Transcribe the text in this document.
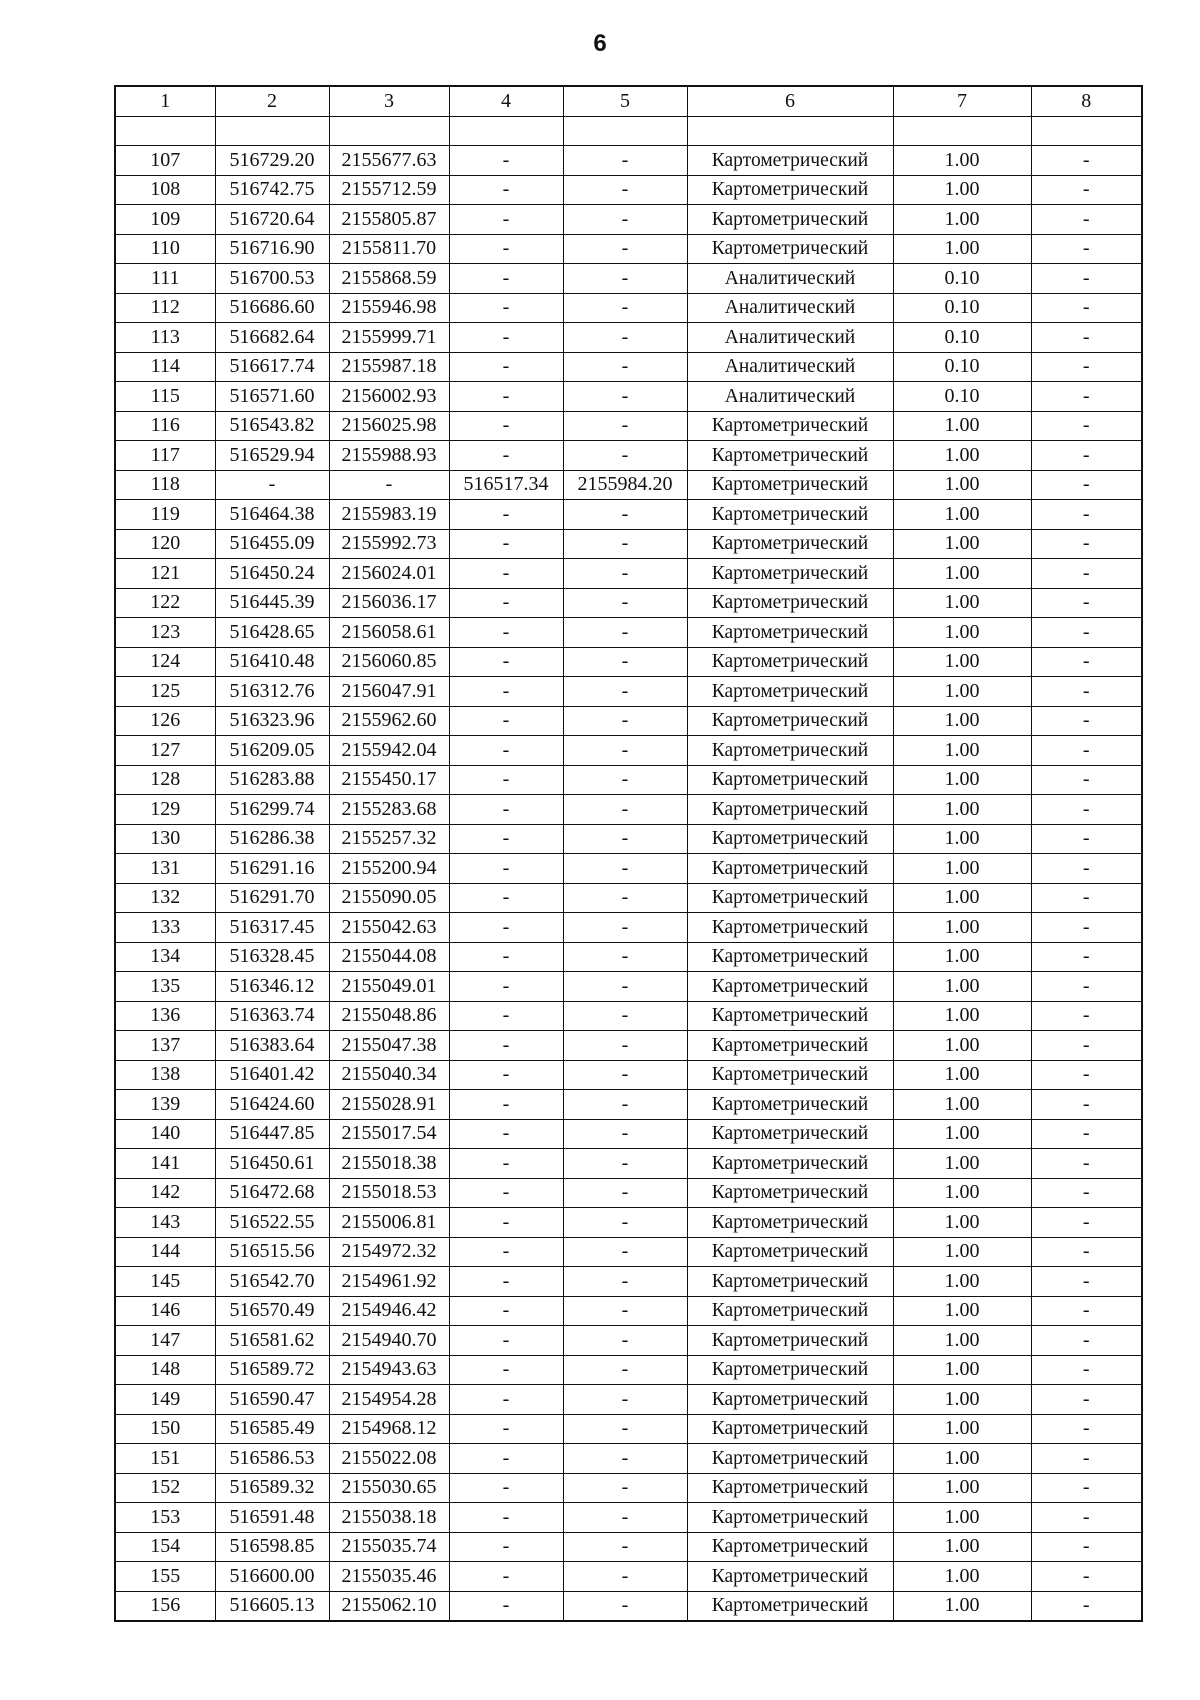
6
1	2	3	4	5	6	7	8

107	516729.20	2155677.63	-	-	Картометрический	1.00	-
108	516742.75	2155712.59	-	-	Картометрический	1.00	-
109	516720.64	2155805.87	-	-	Картометрический	1.00	-
110	516716.90	2155811.70	-	-	Картометрический	1.00	-
111	516700.53	2155868.59	-	-	Аналитический	0.10	-
112	516686.60	2155946.98	-	-	Аналитический	0.10	-
113	516682.64	2155999.71	-	-	Аналитический	0.10	-
114	516617.74	2155987.18	-	-	Аналитический	0.10	-
115	516571.60	2156002.93	-	-	Аналитический	0.10	-
116	516543.82	2156025.98	-	-	Картометрический	1.00	-
117	516529.94	2155988.93	-	-	Картометрический	1.00	-
118	-	-	516517.34	2155984.20	Картометрический	1.00	-
119	516464.38	2155983.19	-	-	Картометрический	1.00	-
120	516455.09	2155992.73	-	-	Картометрический	1.00	-
121	516450.24	2156024.01	-	-	Картометрический	1.00	-
122	516445.39	2156036.17	-	-	Картометрический	1.00	-
123	516428.65	2156058.61	-	-	Картометрический	1.00	-
124	516410.48	2156060.85	-	-	Картометрический	1.00	-
125	516312.76	2156047.91	-	-	Картометрический	1.00	-
126	516323.96	2155962.60	-	-	Картометрический	1.00	-
127	516209.05	2155942.04	-	-	Картометрический	1.00	-
128	516283.88	2155450.17	-	-	Картометрический	1.00	-
129	516299.74	2155283.68	-	-	Картометрический	1.00	-
130	516286.38	2155257.32	-	-	Картометрический	1.00	-
131	516291.16	2155200.94	-	-	Картометрический	1.00	-
132	516291.70	2155090.05	-	-	Картометрический	1.00	-
133	516317.45	2155042.63	-	-	Картометрический	1.00	-
134	516328.45	2155044.08	-	-	Картометрический	1.00	-
135	516346.12	2155049.01	-	-	Картометрический	1.00	-
136	516363.74	2155048.86	-	-	Картометрический	1.00	-
137	516383.64	2155047.38	-	-	Картометрический	1.00	-
138	516401.42	2155040.34	-	-	Картометрический	1.00	-
139	516424.60	2155028.91	-	-	Картометрический	1.00	-
140	516447.85	2155017.54	-	-	Картометрический	1.00	-
141	516450.61	2155018.38	-	-	Картометрический	1.00	-
142	516472.68	2155018.53	-	-	Картометрический	1.00	-
143	516522.55	2155006.81	-	-	Картометрический	1.00	-
144	516515.56	2154972.32	-	-	Картометрический	1.00	-
145	516542.70	2154961.92	-	-	Картометрический	1.00	-
146	516570.49	2154946.42	-	-	Картометрический	1.00	-
147	516581.62	2154940.70	-	-	Картометрический	1.00	-
148	516589.72	2154943.63	-	-	Картометрический	1.00	-
149	516590.47	2154954.28	-	-	Картометрический	1.00	-
150	516585.49	2154968.12	-	-	Картометрический	1.00	-
151	516586.53	2155022.08	-	-	Картометрический	1.00	-
152	516589.32	2155030.65	-	-	Картометрический	1.00	-
153	516591.48	2155038.18	-	-	Картометрический	1.00	-
154	516598.85	2155035.74	-	-	Картометрический	1.00	-
155	516600.00	2155035.46	-	-	Картометрический	1.00	-
156	516605.13	2155062.10	-	-	Картометрический	1.00	-
